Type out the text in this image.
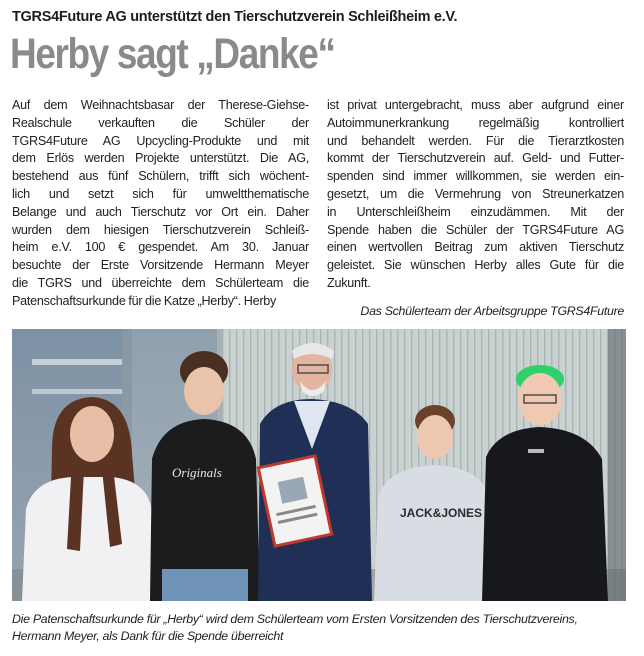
TGRS4Future AG unterstützt den Tierschutzverein Schleißheim e.V.
Herby sagt „Danke“
Auf dem Weihnachtsbasar der Therese-Giehse-
Realschule verkauften die Schüler der
TGRS4Future AG Upcycling-Produkte und mit
dem Erlös werden Projekte unterstützt. Die AG,
bestehend aus fünf Schülern, trifft sich wöchent-
lich und setzt sich für umweltthematische
Belange und auch Tierschutz vor Ort ein. Daher
wurden dem hiesigen Tierschutzverein Schleiß-
heim e.V. 100 € gespendet. Am 30. Januar
besuchte der Erste Vorsitzende Hermann Meyer
die TGRS und überreichte dem Schülerteam die
Patenschaftsurkunde für die Katze „Herby“. Herby
ist privat untergebracht, muss aber aufgrund einer
Autoimmunerkrankung regelmäßig kontrolliert
und behandelt werden. Für die Tierarztkosten
kommt der Tierschutzverein auf. Geld- und Futter-
spenden sind immer willkommen, sie werden ein-
gesetzt, um die Vermehrung von Streunerkatzen
in Unterschleißheim einzudämmen. Mit der
Spende haben die Schüler der TGRS4Future AG
einen wertvollen Beitrag zum aktiven Tierschutz
geleistet. Sie wünschen Herby alles Gute für die
Zukunft.
Das Schülerteam der Arbeitsgruppe TGRS4Future
Originals
JACK&JONES
Die Patenschaftsurkunde für „Herby“ wird dem Schülerteam vom Ersten Vorsitzenden des Tierschutzvereins,
Hermann Meyer, als Dank für die Spende überreicht
